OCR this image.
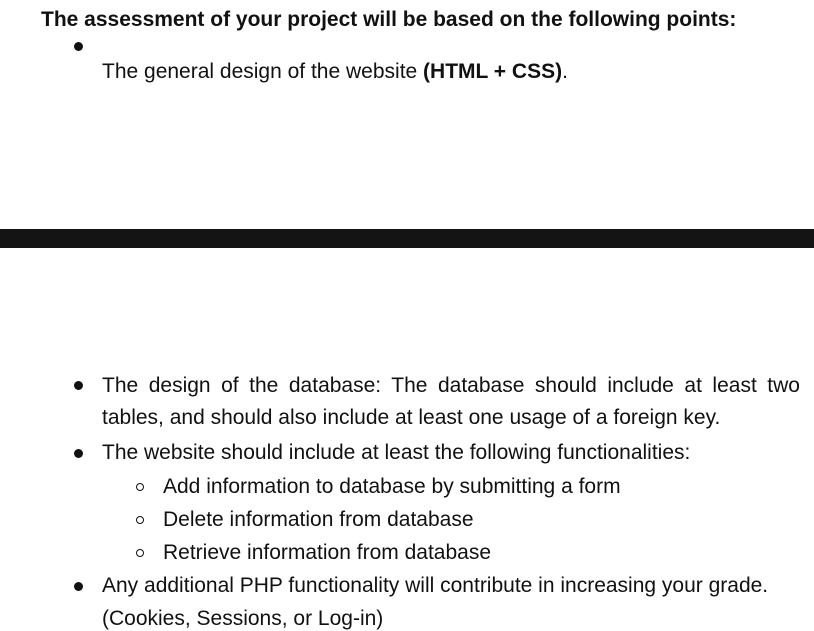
The assessment of your project will be based on the following points:
The general design of the website (HTML + CSS).
The design of the database: The database should include at least two
tables, and should also include at least one usage of a foreign key.
The website should include at least the following functionalities:
Add information to database by submitting a form
Delete information from database
Retrieve information from database
Any additional PHP functionality will contribute in increasing your grade.
(Cookies, Sessions, or Log-in)
